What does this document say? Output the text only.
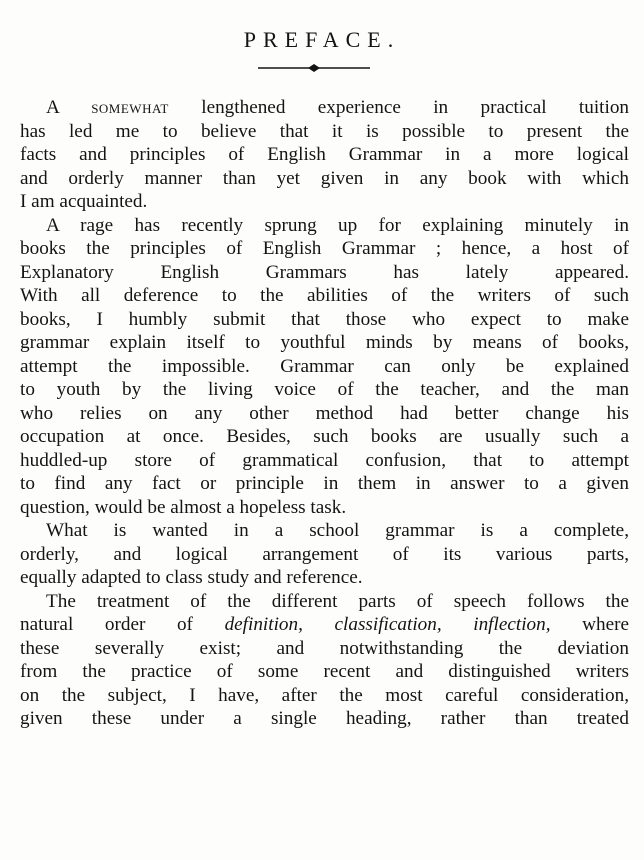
PREFACE.
A somewhat lengthened experience in practical tuition
has led me to believe that it is possible to present the
facts and principles of English Grammar in a more logical
and orderly manner than yet given in any book with which
I am acquainted.
A rage has recently sprung up for explaining minutely in
books the principles of English Grammar ; hence, a host of
Explanatory English Grammars has lately appeared.
With all deference to the abilities of the writers of such
books, I humbly submit that those who expect to make
grammar explain itself to youthful minds by means of books,
attempt the impossible. Grammar can only be explained
to youth by the living voice of the teacher, and the man
who relies on any other method had better change his
occupation at once. Besides, such books are usually such a
huddled-up store of grammatical confusion, that to attempt
to find any fact or principle in them in answer to a given
question, would be almost a hopeless task.
What is wanted in a school grammar is a complete,
orderly, and logical arrangement of its various parts,
equally adapted to class study and reference.
The treatment of the different parts of speech follows the
natural order of definition, classification, inflection, where
these severally exist; and notwithstanding the deviation
from the practice of some recent and distinguished writers
on the subject, I have, after the most careful consideration,
given these under a single heading, rather than treated
